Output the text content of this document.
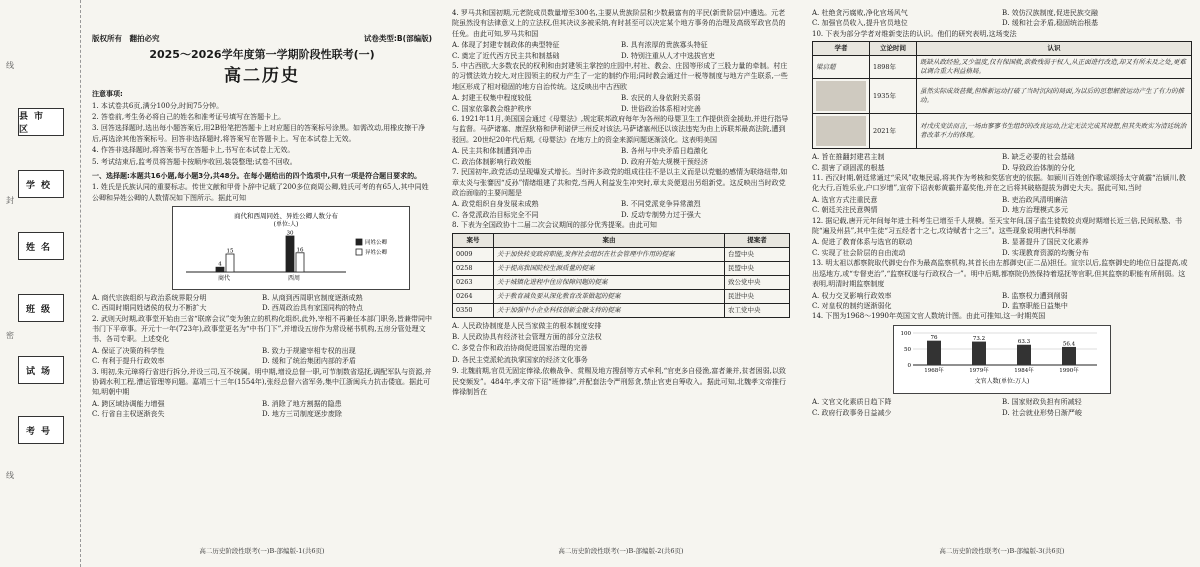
线
封
密
线
县市区
学校
姓名
班级
试场
考号
版权所有　翻拍必究	试卷类型:B(部编版)
2025～2026学年度第一学期阶段性联考(一)
高二历史

注意事项:

1. 本试卷共6页,满分100分,时间75分钟。

2. 答卷前,考生务必将自己的姓名和准考证号填写在答题卡上。

3. 回答选择题时,选出每小题答案后,用2B铅笔把答题卡上对应题目的答案标号涂黑。如需改动,用橡皮擦干净后,再选涂其他答案标号。回答非选择题时,将答案写在答题卡上。写在本试卷上无效。

4. 作答非选择题时,将答案书写在答题卡上,书写在本试卷上无效。

5. 考试结束后,监考员将答题卡按顺序收回,装袋整理;试卷不回收。

一、选择题:本题共16小题,每小题3分,共48分。在每小题给出的四个选项中,只有一项是符合题目要求的。

1. 姓氏是氏族认同的重要标志。传世文献和甲骨卜辞中记载了200多位商周公卿,姓氏可考的有65人,其中同姓公卿和异姓公卿的人数情况如下图所示。据此可知

商代和西周同姓、异姓公卿人数分布
(单位:人)
商代
4
15
西周
30
16
同姓公卿
异姓公卿
A. 商代宗族组织与政治系统界限分明	B. 从商到西周职官制度逐渐成熟
C. 西周时期同姓诸侯的权力不断扩大	D. 西周政治具有家国同构的特点

2. 武则天时期,政事堂开始由三省“联席会议”变为独立的机构化组织,此外,宰相不再兼任本部门职务,皆兼带同中书门下平章事。开元十一年(723年),政事堂更名为“中书门下”,并增设五房作为常设秘书机构,五房分管处理文书、各司专职。上述变化

A. 保证了决策的科学性	B. 致力于规避宰相专权的出现
C. 有利于提升行政效率	D. 缓和了统治集团内部的矛盾

3. 明初,朱元璋将行省进行拆分,并设三司,互不统属。明中期,增设总督一职,可节制数省巡抚,调配军队与资源,并协调水利工程,漕运管理等问题。嘉靖三十三年(1554年),张经总督六省军务,集中江浙闽兵力抗击倭寇。据此可知,明朝中期

A. 跨区域协调能力增强	B. 消除了地方割据的隐患
C. 行省自主权逐渐丧失	D. 地方三司制度逐步废除
高二历史阶段性联考(一)B-部编版-1(共6页)

4. 罗马共和国初期,元老院成员数量增至300名,主要从贵族阶层和少数最富有的平民(新贵阶层)中遴选。元老院虽然没有法律意义上的立法权,但其决议多被采纳,有时甚至可以决定某个地方事务的治理及高级军政官员的任免。由此可知,罗马共和国

A. 体现了封建专制政体的典型特征	B. 具有浓厚的贵族寡头特征
C. 奠定了近代西方民主共和制基础	D. 特别注重从人才中选拔官吏

5. 中古西欧,大多数农民的权利和由封建领主掌控的庄园中,村社、教会、庄园等形成了三股力量的牵制。村庄的习惯法效力较大,对庄园领主的权力产生了一定的制约作用;同时教会通过什一税等制度与地方产生联系,一些地区形成了相对稳固的地方自治传统。这反映出中古西欧

A. 封建王权集中程度较低	B. 农民的人身依附关系弱
C. 国家依靠教会维护秩序	D. 世俗政治体系相对完善

6. 1921年11月,美国国会通过《母婴法》,规定联邦政府每年为各州的母婴卫生工作提供资金援助,并进行指导与监督。马萨诸塞、康涅狄格和伊利诺伊三州反对该法,马萨诸塞州还以该法违宪为由上诉联邦最高法院,遭到驳回。20世纪20年代后期,《母婴法》在地方上的资金来源问题逐渐淡化。这表明美国

A. 民主共和体制遭到冲击	B. 各州与中央矛盾日趋激化
C. 政治体制影响行政效能	D. 政府开始大规模干预经济

7. 民国初年,政党活动呈现爆发式增长。当时许多政党的组成往往不是以主义而是以党魁的感情为联络纽带,如章太炎与张謇因“反孙”情绪组建了共和党,当两人利益发生冲突时,章太炎便退出另组新党。这反映出当时政党政治面临的主要问题是

A. 政党组织自身发展未成熟	B. 不同党派竞争异常激烈
C. 各党派政治目标完全不同	D. 反动专制势力过于强大

8. 下表为全国政协十二届二次会议期间的部分优秀提案。由此可知

案号	案由	提案者
0009	关于加快转变政府职能,发挥社会组织在社会管理中作用的提案	台盟中央
0258	关于提高我国院校生源质量的提案	民盟中央
0263	关于城镇化进程中住房保障问题的提案	致公党中央
0264	关于教育减负要从深化教育改革做起的提案	民进中央
0350	关于加强中小企业科技创新金融支持的提案	农工党中央

A. 人民政协制度是人民当家做主的根本制度安排

B. 人民政协具有经济社会管理方面的部分立法权

C. 多党合作和政治协商促进国家治理的完善

D. 各民主党派轮流执掌国家的经济文化事务

9. 北魏前期,官员无固定俸禄,依赖战争、赏赐及地方搜刮等方式牟利,“官吏多自侵渔,富者兼并,贫者困弱,以致民变频发”。484年,孝文帝下诏“班俸禄”,并配套法令严刑惩贪,禁止官吏自筹收入。据此可知,北魏孝文帝推行俸禄制旨在

高二历史阶段性联考(一)B-部编版-2(共6页)
A. 杜绝贪污腐败,净化官场风气	B. 效仿汉族制度,促进民族交融
C. 加强官员收入,提升官员地位	D. 缓和社会矛盾,稳固统治根基

10. 下表为部分学者对维新变法的认识。他们的研究表明,这场变法

学者	立论时间	认识
梁启超	1898年	既缺从政经验,又少温度,仅有保国救,欲救残弱于权人,从正面进行改造,却又有所未及之处,更难以调合重大利益格局。

	1935年	虽然实际成效甚微,但维新运动打破了当时沉闷的局面,为以后的思想解放运动产生了有力的推动。

	2021年	对戊戌变法而言,一场由寥寥书生组织的改良运动,注定无法完成其设想,但其失败实为清廷统治者改革不力的体现。
A. 旨在推翻封建君主制	B. 缺乏必要的社会基础
C. 损害了顽固派的根基	D. 导致政治体制的分化

11. 西汉时期,朝廷常通过“采风”收集民谣,将其作为考核和奖惩官吏的依据。如颍川百姓创作歌谣颂扬太守黄霸“治颍川,教化大行,百姓乐业,户口岁增”,宣帝下诏表彰黄霸并嘉奖他,并在之后将其破格提拔为御史大夫。据此可知,当时

A. 选官方式注重民意	B. 吏治政风清明廉洁
C. 朝廷关注民意舆情	D. 地方治理模式多元

12. 据记载,唐开元年间每年进士科考生已增至千人规模。至天宝年间,国子监生徒数较贞观时期增长近三倍,民间私塾、书院“遍及州县”,其中生徒“习五经者十之七,攻诗赋者十之三”。这些现象说明唐代科举制

A. 促进了教育体系与选官的联动	B. 显著提升了国民文化素养
C. 实现了社会阶层的自由流动	D. 实现教育资源的均衡分布

13. 明太祖以都察院取代御史台作为最高监察机构,其首长由左都御史(正二品)担任。宣宗以后,监察御史的地位日益提高,或出巡地方,或“专督吏治”,“监察权遂与行政权合一”。明中后期,都察院仍然保持着巡抚等官职,但其监察的职能有所削弱。这表明,明清时期监察制度

A. 权力交叉影响行政效率	B. 监察权力遭到削弱
C. 对皇权的制约逐渐弱化	D. 监察职能日益集中

14. 下图为1968～1990年英国文官人数统计图。由此可推知,这一时期英国

0
50
100
76
1968年
73.2
1979年
63.3
1984年
56.4
1990年
文官人数(单位:万人)
A. 文官文化素质日趋下降	B. 国家财政负担有所减轻
C. 政府行政事务日益减少	D. 社会就业形势日渐严峻
高二历史阶段性联考(一)B-部编版-3(共6页)
